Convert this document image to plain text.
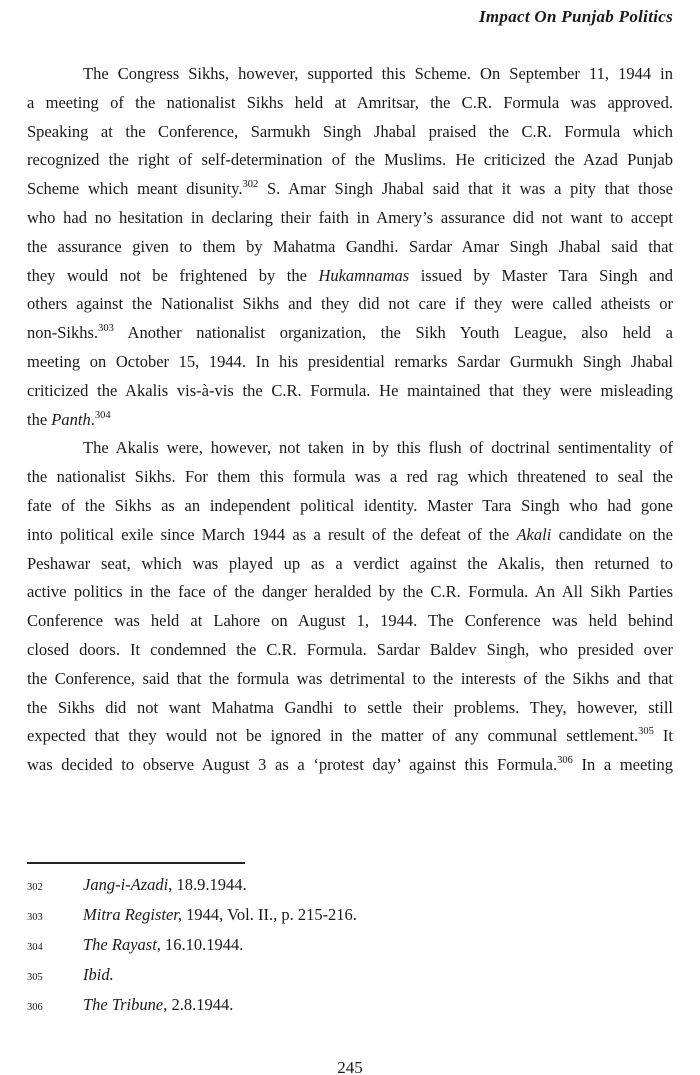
Impact On Punjab Politics
The Congress Sikhs, however, supported this Scheme. On September 11, 1944 in
a meeting of the nationalist Sikhs held at Amritsar, the C.R. Formula was approved.
Speaking at the Conference, Sarmukh Singh Jhabal praised the C.R. Formula which
recognized the right of self-determination of the Muslims. He criticized the Azad Punjab
Scheme which meant disunity.$^{302}$ S. Amar Singh Jhabal said that it was a pity that those
who had no hesitation in declaring their faith in Amery’s assurance did not want to accept
the assurance given to them by Mahatma Gandhi. Sardar Amar Singh Jhabal said that
they would not be frightened by the Hukamnamas issued by Master Tara Singh and
others against the Nationalist Sikhs and they did not care if they were called atheists or
non-Sikhs.$^{303}$ Another nationalist organization, the Sikh Youth League, also held a
meeting on October 15, 1944. In his presidential remarks Sardar Gurmukh Singh Jhabal
criticized the Akalis vis-à-vis the C.R. Formula. He maintained that they were misleading
the Panth.$^{304}$
The Akalis were, however, not taken in by this flush of doctrinal sentimentality of
the nationalist Sikhs. For them this formula was a red rag which threatened to seal the
fate of the Sikhs as an independent political identity. Master Tara Singh who had gone
into political exile since March 1944 as a result of the defeat of the Akali candidate on the
Peshawar seat, which was played up as a verdict against the Akalis, then returned to
active politics in the face of the danger heralded by the C.R. Formula. An All Sikh Parties
Conference was held at Lahore on August 1, 1944. The Conference was held behind
closed doors. It condemned the C.R. Formula. Sardar Baldev Singh, who presided over
the Conference, said that the formula was detrimental to the interests of the Sikhs and that
the Sikhs did not want Mahatma Gandhi to settle their problems. They, however, still
expected that they would not be ignored in the matter of any communal settlement.$^{305}$ It
was decided to observe August 3 as a ‘protest day’ against this Formula.$^{306}$ In a meeting
302 Jang-i-Azadi, 18.9.1944.
303 Mitra Register, 1944, Vol. II., p. 215-216.
304 The Rayast, 16.10.1944.
305 Ibid.
306 The Tribune, 2.8.1944.
245
